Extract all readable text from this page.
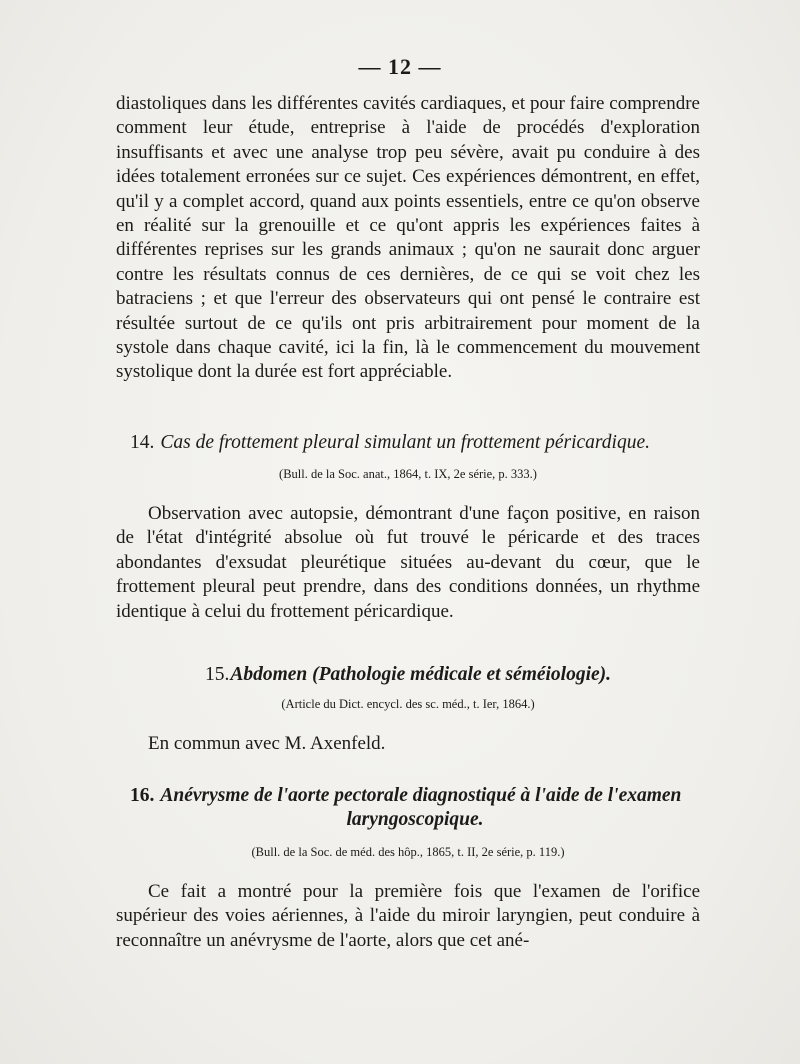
— 12 —

diastoliques dans les différentes cavités cardiaques, et pour faire comprendre comment leur étude, entreprise à l'aide de procédés d'exploration insuffisants et avec une analyse trop peu sévère, avait pu conduire à des idées totalement erronées sur ce sujet. Ces expériences démontrent, en effet, qu'il y a complet accord, quand aux points essentiels, entre ce qu'on observe en réalité sur la grenouille et ce qu'ont appris les expériences faites à différentes reprises sur les grands animaux ; qu'on ne saurait donc arguer contre les résultats connus de ces dernières, de ce qui se voit chez les batraciens ; et que l'erreur des observateurs qui ont pensé le contraire est résultée surtout de ce qu'ils ont pris arbitrairement pour moment de la systole dans chaque cavité, ici la fin, là le commencement du mouvement systolique dont la durée est fort appréciable.

14. Cas de frottement pleural simulant un frottement péricardique.
(Bull. de la Soc. anat., 1864, t. IX, 2e série, p. 333.)

Observation avec autopsie, démontrant d'une façon positive, en raison de l'état d'intégrité absolue où fut trouvé le péricarde et des traces abondantes d'exsudat pleurétique situées au-devant du cœur, que le frottement pleural peut prendre, dans des conditions données, un rhythme identique à celui du frottement péricardique.

15.Abdomen (Pathologie médicale et séméiologie).
(Article du Dict. encycl. des sc. méd., t. Ier, 1864.)

En commun avec M. Axenfeld.

16. Anévrysme de l'aorte pectorale diagnostiqué à l'aide de l'examen
laryngoscopique.
(Bull. de la Soc. de méd. des hôp., 1865, t. II, 2e série, p. 119.)

Ce fait a montré pour la première fois que l'examen de l'orifice supérieur des voies aériennes, à l'aide du miroir laryngien, peut conduire à reconnaître un anévrysme de l'aorte, alors que cet ané-
